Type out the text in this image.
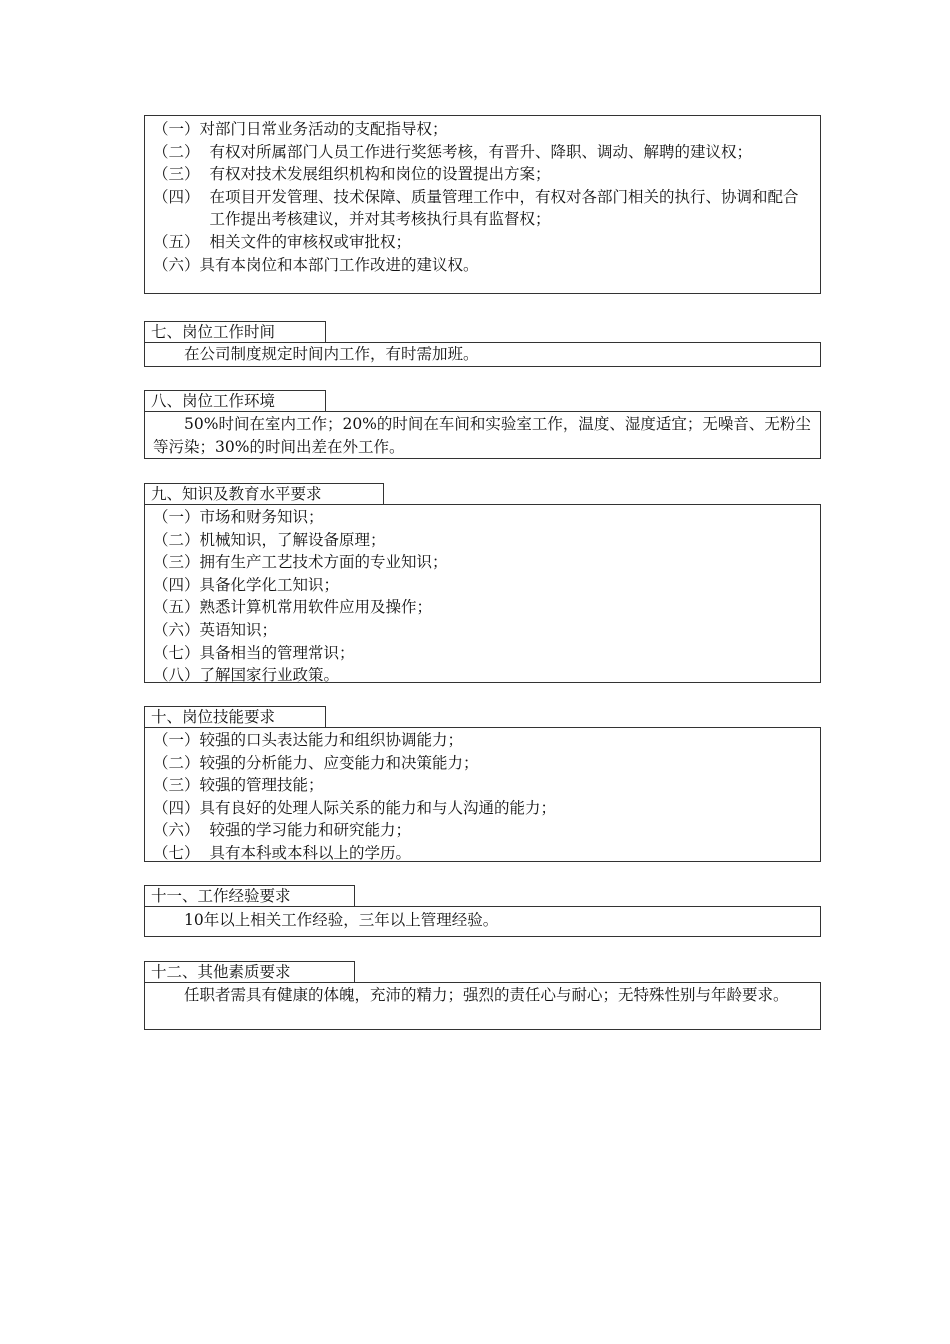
（一） 对部门日常业务活动的支配指导权；
（二） 有权对所属部门人员工作进行奖惩考核，有晋升、降职、调动、解聘的建议权；
（三） 有权对技术发展组织机构和岗位的设置提出方案；
（四） 在项目开发管理、技术保障、质量管理工作中，有权对各部门相关的执行、协调和配合工作提出考核建议，并对其考核执行具有监督权；
（五） 相关文件的审核权或审批权；
（六） 具有本岗位和本部门工作改进的建议权。
七、岗位工作时间
在公司制度规定时间内工作，有时需加班。
八、岗位工作环境
50%时间在室内工作；20%的时间在车间和实验室工作，温度、湿度适宜；无噪音、无粉尘等污染；30%的时间出差在外工作。
九、知识及教育水平要求
（一） 市场和财务知识；
（二） 机械知识，了解设备原理；
（三） 拥有生产工艺技术方面的专业知识；
（四） 具备化学化工知识；
（五） 熟悉计算机常用软件应用及操作；
（六） 英语知识；
（七） 具备相当的管理常识；
（八） 了解国家行业政策。
十、岗位技能要求
（一） 较强的口头表达能力和组织协调能力；
（二） 较强的分析能力、应变能力和决策能力；
（三） 较强的管理技能；
（四） 具有良好的处理人际关系的能力和与人沟通的能力；
（六） 较强的学习能力和研究能力；
（七） 具有本科或本科以上的学历。
十一、工作经验要求
10年以上相关工作经验，三年以上管理经验。
十二、其他素质要求
任职者需具有健康的体魄，充沛的精力；强烈的责任心与耐心；无特殊性别与年龄要求。
